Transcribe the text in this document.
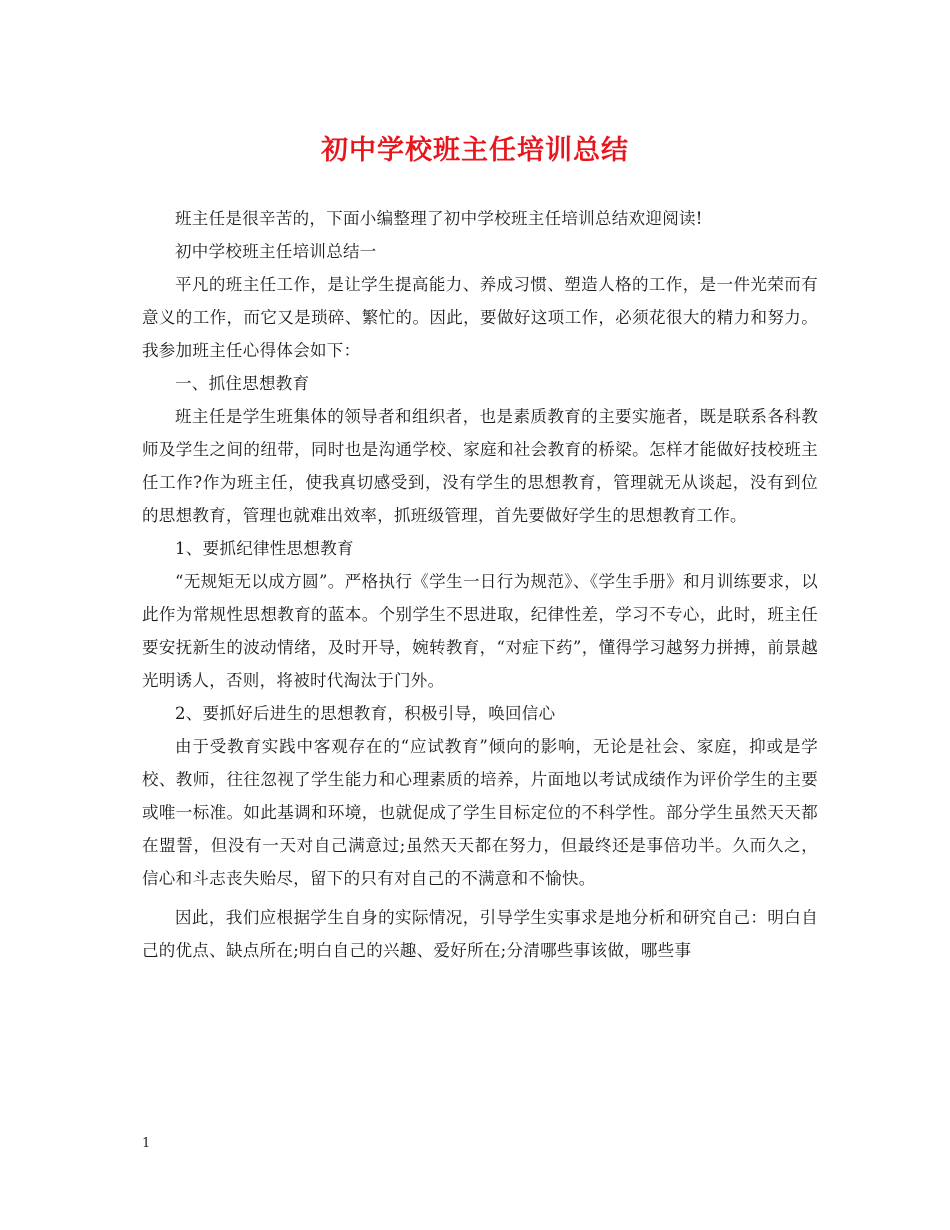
初中学校班主任培训总结

班主任是很辛苦的，下面小编整理了初中学校班主任培训总结欢迎阅读!

初中学校班主任培训总结一

平凡的班主任工作，是让学生提高能力、养成习惯、塑造人格的工作，是一件光荣而有意义的工作，而它又是琐碎、繁忙的。因此，要做好这项工作，必须花很大的精力和努力。我参加班主任心得体会如下：

一、抓住思想教育

班主任是学生班集体的领导者和组织者，也是素质教育的主要实施者，既是联系各科教师及学生之间的纽带，同时也是沟通学校、家庭和社会教育的桥梁。怎样才能做好技校班主任工作?作为班主任，使我真切感受到，没有学生的思想教育，管理就无从谈起，没有到位的思想教育，管理也就难出效率，抓班级管理，首先要做好学生的思想教育工作。

1、要抓纪律性思想教育

“无规矩无以成方圆”。严格执行《学生一日行为规范》、《学生手册》和月训练要求，以此作为常规性思想教育的蓝本。个别学生不思进取，纪律性差，学习不专心，此时，班主任要安抚新生的波动情绪，及时开导，婉转教育，“对症下药”，懂得学习越努力拼搏，前景越光明诱人，否则，将被时代淘汰于门外。

2、要抓好后进生的思想教育，积极引导，唤回信心

由于受教育实践中客观存在的“应试教育”倾向的影响，无论是社会、家庭，抑或是学校、教师，往往忽视了学生能力和心理素质的培养，片面地以考试成绩作为评价学生的主要或唯一标准。如此基调和环境，也就促成了学生目标定位的不科学性。部分学生虽然天天都在盟誓，但没有一天对自己满意过;虽然天天都在努力，但最终还是事倍功半。久而久之，信心和斗志丧失贻尽，留下的只有对自己的不满意和不愉快。

因此，我们应根据学生自身的实际情况，引导学生实事求是地分析和研究自己：明白自己的优点、缺点所在;明白自己的兴趣、爱好所在;分清哪些事该做，哪些事

1
